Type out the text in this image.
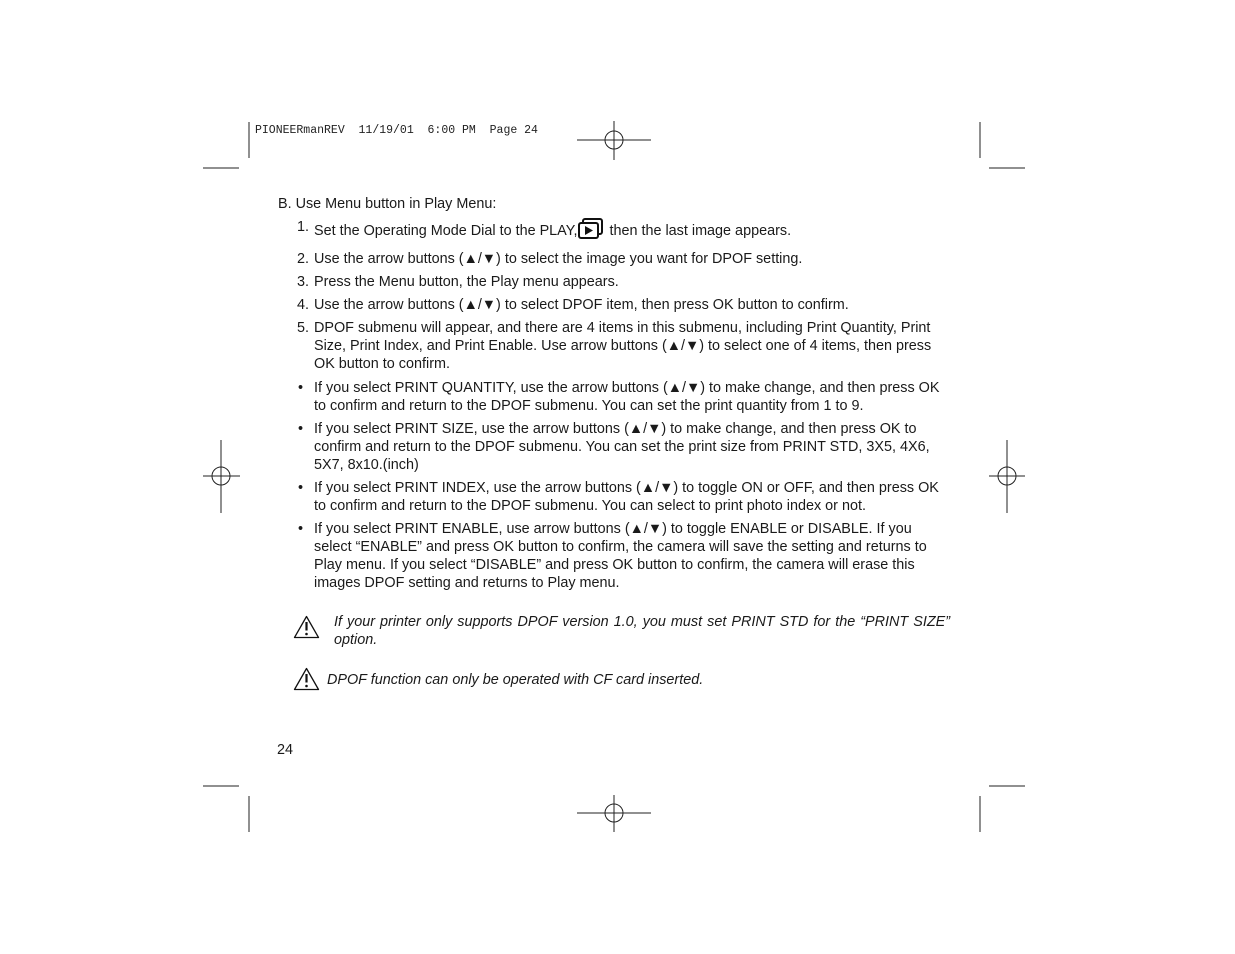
PIONEERmanREV  11/19/01  6:00 PM  Page 24
B. Use Menu button in Play Menu:
1. Set the Operating Mode Dial to the PLAY, then the last image appears.
2. Use the arrow buttons (▲/▼) to select the image you want for DPOF setting.
3. Press the Menu button, the Play menu appears.
4. Use the arrow buttons (▲/▼) to select DPOF item, then press OK button to confirm.
5. DPOF submenu will appear, and there are 4 items in this submenu, including Print Quantity, Print Size, Print Index, and Print Enable. Use arrow buttons (▲/▼) to select one of 4 items, then press OK button to confirm.
• If you select PRINT QUANTITY, use the arrow buttons (▲/▼) to make change, and then press OK to confirm and return to the DPOF submenu. You can set the print quantity from 1 to 9.
• If you select PRINT SIZE, use the arrow buttons (▲/▼) to make change, and then press OK to confirm and return to the DPOF submenu. You can set the print size from PRINT STD, 3X5, 4X6, 5X7, 8x10.(inch)
• If you select PRINT INDEX, use the arrow buttons (▲/▼) to toggle ON or OFF, and then press OK to confirm and return to the DPOF submenu. You can select to print photo index or not.
• If you select PRINT ENABLE, use arrow buttons (▲/▼) to toggle ENABLE or DISABLE. If you select “ENABLE” and press OK button to confirm, the camera will save the setting and returns to Play menu. If you select “DISABLE” and press OK button to confirm, the camera will erase this images DPOF setting and returns to Play menu.
If your printer only supports DPOF version 1.0, you must set PRINT STD for the “PRINT SIZE” option.
DPOF function can only be operated with CF card inserted.
24
